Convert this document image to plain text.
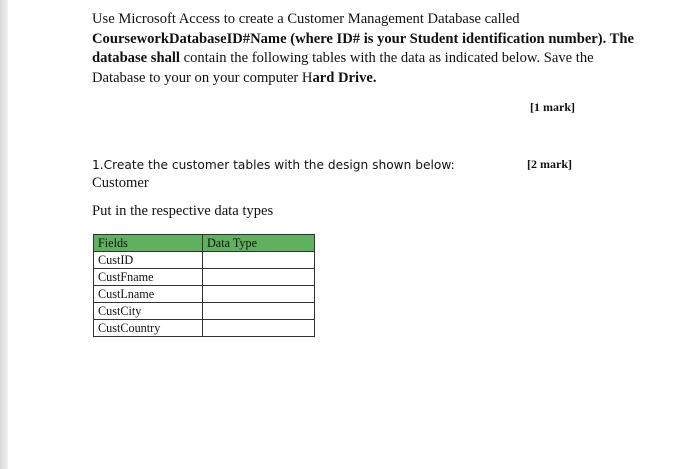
Use Microsoft Access to create a Customer Management Database called

CourseworkDatabaseID#Name (where ID# is your Student identification number). The

database shall contain the following tables with the data as indicated below. Save the

Database to your on your computer Hard Drive.

[1 mark]
[2 mark]
1.Create the customer tables with the design shown below:
Customer
Put in the respective data types
Fields	Data Type
CustID	
CustFname	
CustLname	
CustCity	
CustCountry	
